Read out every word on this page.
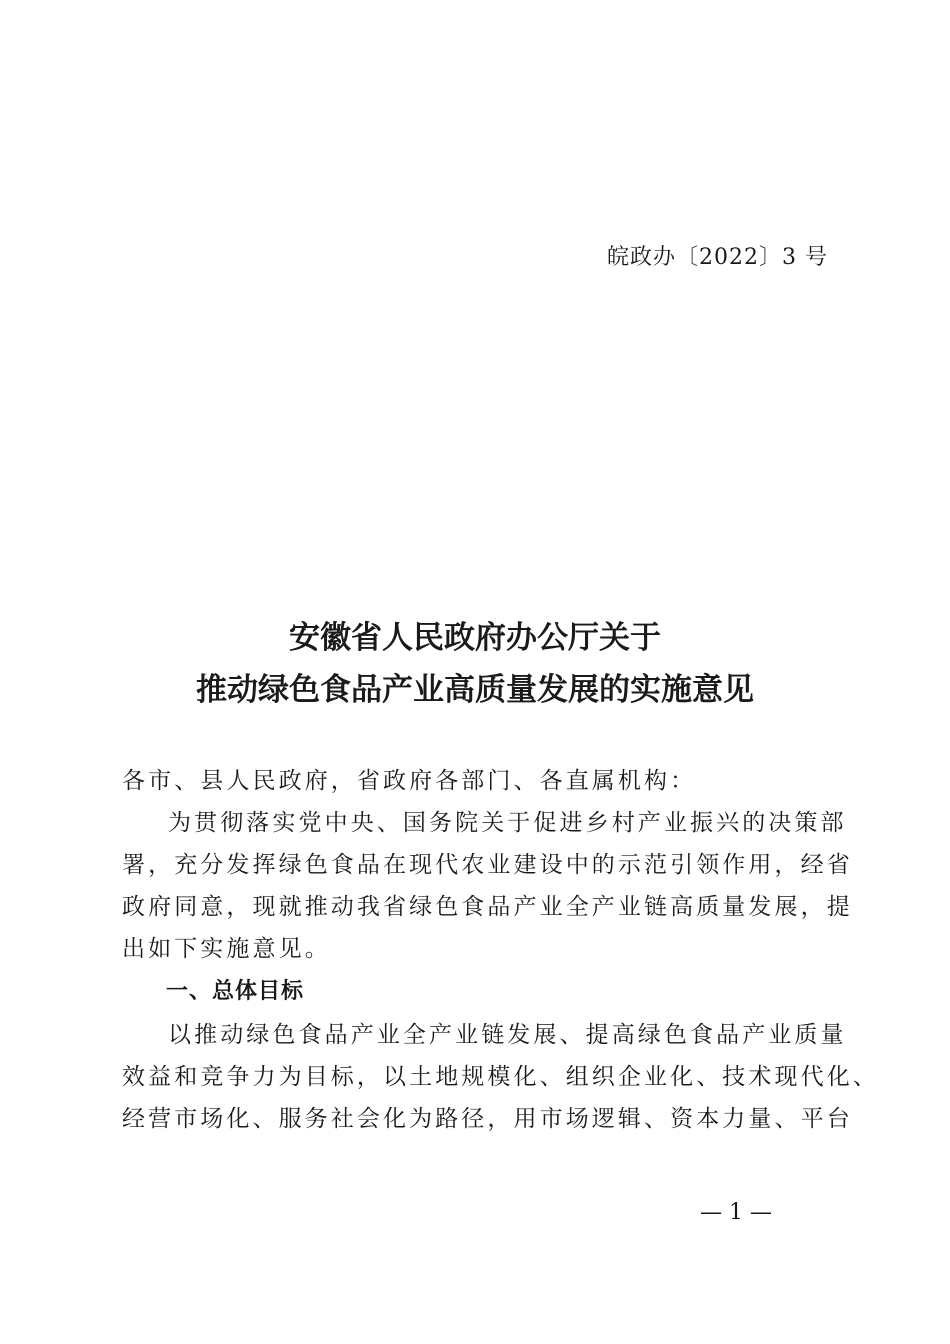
皖政办〔2022〕3 号
安徽省人民政府办公厅关于
推动绿色食品产业高质量发展的实施意见

各市、县人民政府，省政府各部门、各直属机构：

为贯彻落实党中央、国务院关于促进乡村产业振兴的决策部

署，充分发挥绿色食品在现代农业建设中的示范引领作用，经省

政府同意，现就推动我省绿色食品产业全产业链高质量发展，提

出如下实施意见。

一、总体目标

以推动绿色食品产业全产业链发展、提高绿色食品产业质量

效益和竞争力为目标，以土地规模化、组织企业化、技术现代化、

经营市场化、服务社会化为路径，用市场逻辑、资本力量、平台

— 1 —
